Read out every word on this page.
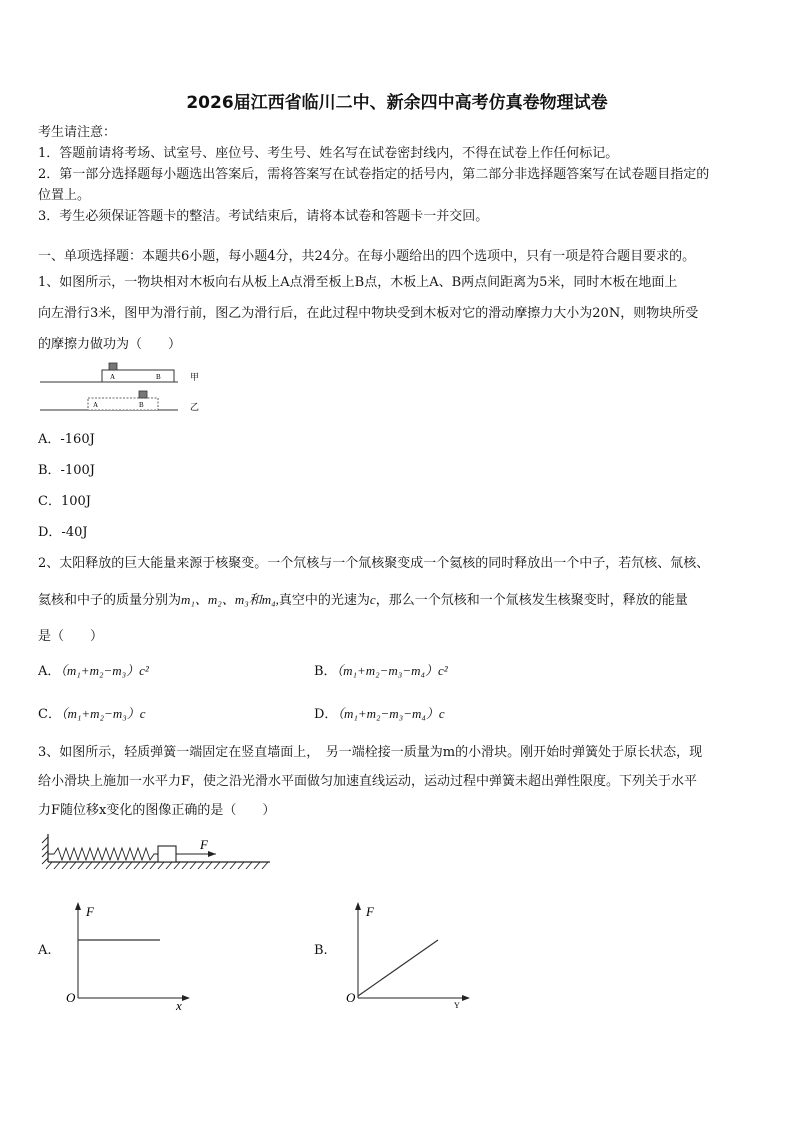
2026届江西省临川二中、新余四中高考仿真卷物理试卷
考生请注意：
1．答题前请将考场、试室号、座位号、考生号、姓名写在试卷密封线内，不得在试卷上作任何标记。
2．第一部分选择题每小题选出答案后，需将答案写在试卷指定的括号内，第二部分非选择题答案写在试卷题目指定的
位置上。
3．考生必须保证答题卡的整洁。考试结束后，请将本试卷和答题卡一并交回。
一、单项选择题：本题共6小题，每小题4分，共24分。在每小题给出的四个选项中，只有一项是符合题目要求的。
1、如图所示，一物块相对木板向右从板上A点滑至板上B点，木板上A、B两点间距离为5米，同时木板在地面上
向左滑行3米，图甲为滑行前，图乙为滑行后，在此过程中物块受到木板对它的滑动摩擦力大小为20N，则物块所受
的摩擦力做功为（　　）
A	B	甲
A	B	乙
A．-160J
B．-100J
C．100J
D．-40J
2、太阳释放的巨大能量来源于核聚变。一个氘核与一个氚核聚变成一个氦核的同时释放出一个中子，若氘核、氚核、
氦核和中子的质量分别为m₁、m₂、m₃和m₄,真空中的光速为c，那么一个氘核和一个氚核发生核聚变时，释放的能量
是（　　）
A．（m₁+m₂−m₃）c²	B．（m₁+m₂−m₃−m₄）c²
C．（m₁+m₂−m₃）c	D．（m₁+m₂−m₃−m₄）c
3、如图所示，轻质弹簧一端固定在竖直墙面上，　另一端栓接一质量为m的小滑块。刚开始时弹簧处于原长状态，现
给小滑块上施加一水平力F，使之沿光滑水平面做匀加速直线运动，运动过程中弹簧未超出弹性限度。下列关于水平
力F随位移x变化的图像正确的是（　　）
F
A.
F
x
O
B.
F
Y
O
